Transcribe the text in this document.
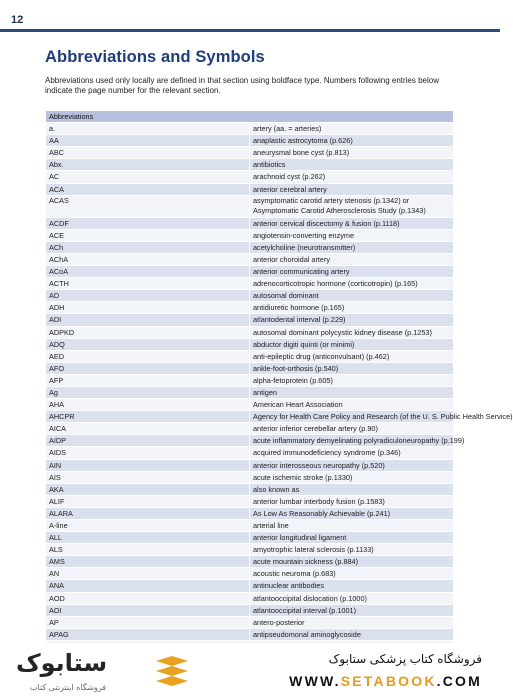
12
Abbreviations and Symbols
Abbreviations used only locally are defined in that section using boldface type. Numbers following entries below indicate the page number for the relevant section.
Abbreviations	
a.	artery (aa. = arteries)
AA	anaplastic astrocytoma (p.626)
ABC	aneurysmal bone cyst (p.813)
Abx.	antibiotics
AC	arachnoid cyst (p.262)
ACA	anterior cerebral artery
ACAS	asymptomatic carotid artery stenosis (p.1342) or Asymptomatic Carotid Atherosclerosis Study (p.1343)
ACDF	anterior cervical discectomy & fusion (p.1118)
ACE	angiotensin-converting enzyme
ACh	acetylcholine (neurotransmitter)
AChA	anterior choroidal artery
ACoA	anterior communicating artery
ACTH	adrenocorticotropic hormone (corticotropin) (p.165)
AD	autosomal dominant
ADH	antidiuretic hormone (p.165)
ADI	atlantodental interval (p.229)
ADPKD	autosomal dominant polycystic kidney disease (p.1253)
ADQ	abductor digiti quinti (or minimi)
AED	anti-epileptic drug (anticonvulsant) (p.462)
AFO	ankle-foot-orthosis (p.540)
AFP	alpha-fetoprotein (p.605)
Ag	antigen
AHA	American Heart Association
AHCPR	Agency for Health Care Policy and Research (of the U. S. Public Health Service)
AICA	anterior inferior cerebellar artery (p.90)
AIDP	acute inflammatory demyelinating polyradiculoneuropathy (p.199)
AIDS	acquired immunodeficiency syndrome (p.346)
AIN	anterior interosseous neuropathy (p.520)
AIS	acute ischemic stroke (p.1330)
AKA	also known as
ALIF	anterior lumbar interbody fusion (p.1583)
ALARA	As Low As Reasonably Achievable (p.241)
A-line	arterial line
ALL	anterior longitudinal ligament
ALS	amyotrophic lateral sclerosis (p.1133)
AMS	acute mountain sickness (p.884)
AN	acoustic neuroma (p.683)
ANA	antinuclear antibodies
AOD	atlantooccipital dislocation (p.1000)
AOI	atlantooccipital interval (p.1001)
AP	antero-posterior
APAG	antipseudomonal aminoglycoside

ستابوک
فروشگاه اینترنتی کتاب
فروشگاه کتاب پزشکی ستابوک
WWW.SETABOOK.COM
